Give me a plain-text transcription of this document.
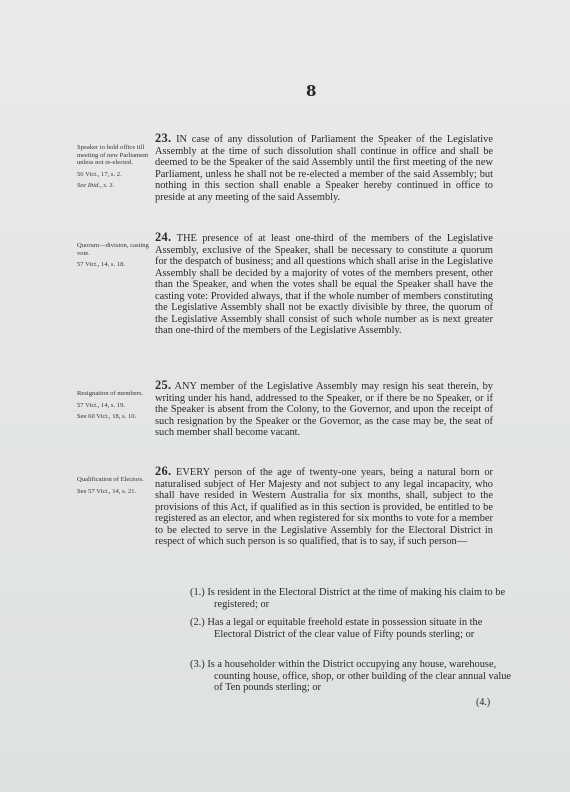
8
Speaker to hold office till meeting of new Parliament unless not re-elected.
56 Vict., 17, s. 2.
See Ibid., s. 3.
Quorum—division, casting vote.
57 Vict., 14, s. 18.
Resignation of members.
57 Vict., 14, s. 19.
See 60 Vict., 18, s. 10.
Qualification of Electors.
See 57 Vict., 14, s. 21.
23. IN case of any dissolution of Parliament the Speaker of the Legislative Assembly at the time of such dissolution shall continue in office and shall be deemed to be the Speaker of the said Assembly until the first meeting of the new Parliament, unless he shall not be re-elected a member of the said Assembly; but nothing in this section shall enable a Speaker hereby continued in office to preside at any meeting of the said Assembly.
24. THE presence of at least one-third of the members of the Legislative Assembly, exclusive of the Speaker, shall be necessary to constitute a quorum for the despatch of business; and all questions which shall arise in the Legislative Assembly shall be decided by a majority of votes of the members present, other than the Speaker, and when the votes shall be equal the Speaker shall have the casting vote: Provided always, that if the whole number of members constituting the Legislative Assembly shall not be exactly divisible by three, the quorum of the Legislative Assembly shall consist of such whole number as is next greater than one-third of the members of the Legislative Assembly.
25. ANY member of the Legislative Assembly may resign his seat therein, by writing under his hand, addressed to the Speaker, or if there be no Speaker, or if the Speaker is absent from the Colony, to the Governor, and upon the receipt of such resignation by the Speaker or the Governor, as the case may be, the seat of such member shall become vacant.
26. EVERY person of the age of twenty-one years, being a natural born or naturalised subject of Her Majesty and not subject to any legal incapacity, who shall have resided in Western Australia for six months, shall, subject to the provisions of this Act, if qualified as in this section is provided, be entitled to be registered as an elector, and when registered for six months to vote for a member to be elected to serve in the Legislative Assembly for the Electoral District in respect of which such person is so qualified, that is to say, if such person—
(1.) Is resident in the Electoral District at the time of making his claim to be registered; or
(2.) Has a legal or equitable freehold estate in possession situate in the Electoral District of the clear value of Fifty pounds sterling; or
(3.) Is a householder within the District occupying any house, warehouse, counting house, office, shop, or other building of the clear annual value of Ten pounds sterling; or
(4.)
